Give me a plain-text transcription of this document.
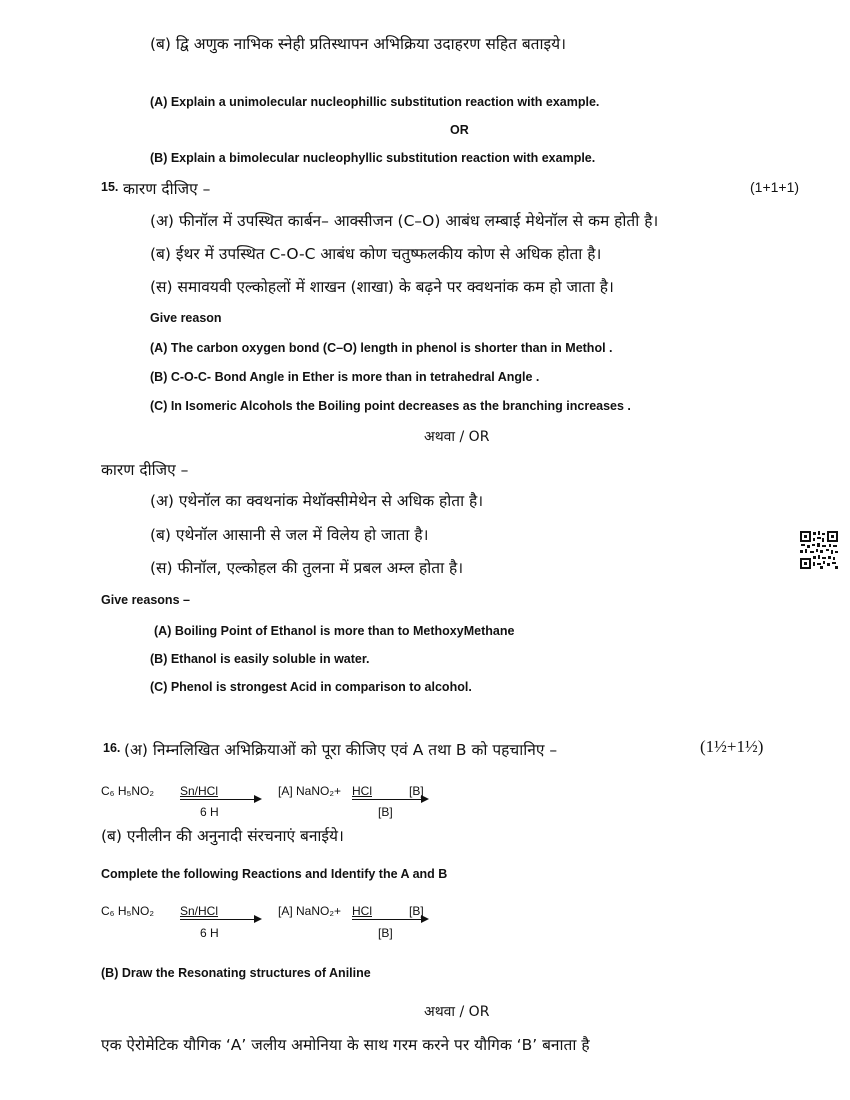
(ब) द्वि अणुक नाभिक स्नेही प्रतिस्थापन अभिक्रिया उदाहरण सहित बताइये।
(A) Explain a unimolecular nucleophillic substitution reaction with example.
OR
(B) Explain a bimolecular nucleophyllic substitution reaction with example.
15. कारण दीजिए –	(1+1+1)
(अ) फीनॉल में उपस्थित कार्बन– आक्सीजन (C–O) आबंध लम्बाई मेथेनॉल से कम होती है।
(ब) ईथर में उपस्थित C-O-C आबंध कोण चतुष्फलकीय कोण से अधिक होता है।
(स) समावयवी एल्कोहलों में शाखन (शाखा) के बढ़ने पर क्वथनांक कम हो जाता है।
Give reason
(A) The carbon oxygen bond (C–O) length in phenol is shorter than in Methol .
(B) C-O-C- Bond Angle in Ether is more than in tetrahedral Angle .
(C) In Isomeric Alcohols the Boiling point decreases as the branching increases .
अथवा / OR
कारण दीजिए –
(अ) एथेनॉल का क्वथनांक मेथॉक्सीमेथेन से अधिक होता है।
(ब) एथेनॉल आसानी से जल में विलेय हो जाता है।
(स) फीनॉल, एल्कोहल की तुलना में प्रबल अम्ल होता है।
Give reasons –
(A) Boiling Point of Ethanol is more than to MethoxyMethane
(B) Ethanol is easily soluble in water.
(C) Phenol is strongest Acid in comparison to alcohol.
16. (अ) निम्नलिखित अभिक्रियाओं को पूरा कीजिए एवं A तथा B को पहचानिए –	(1½+1½)
C₆ H₅NO₂ Sn/HCl
6 H
[A] NaNO₂+ HCl	[B]
[B]
(ब) एनीलीन की अनुनादी संरचनाएं बनाईये।
Complete the following Reactions and Identify the A and B
C₆ H₅NO₂ Sn/HCl
6 H
[A] NaNO₂+ HCl	[B]
[B]
(B) Draw the Resonating structures of Aniline
अथवा / OR
एक ऐरोमेटिक यौगिक ‘A’ जलीय अमोनिया के साथ गरम करने पर यौगिक ‘B’ बनाता है
